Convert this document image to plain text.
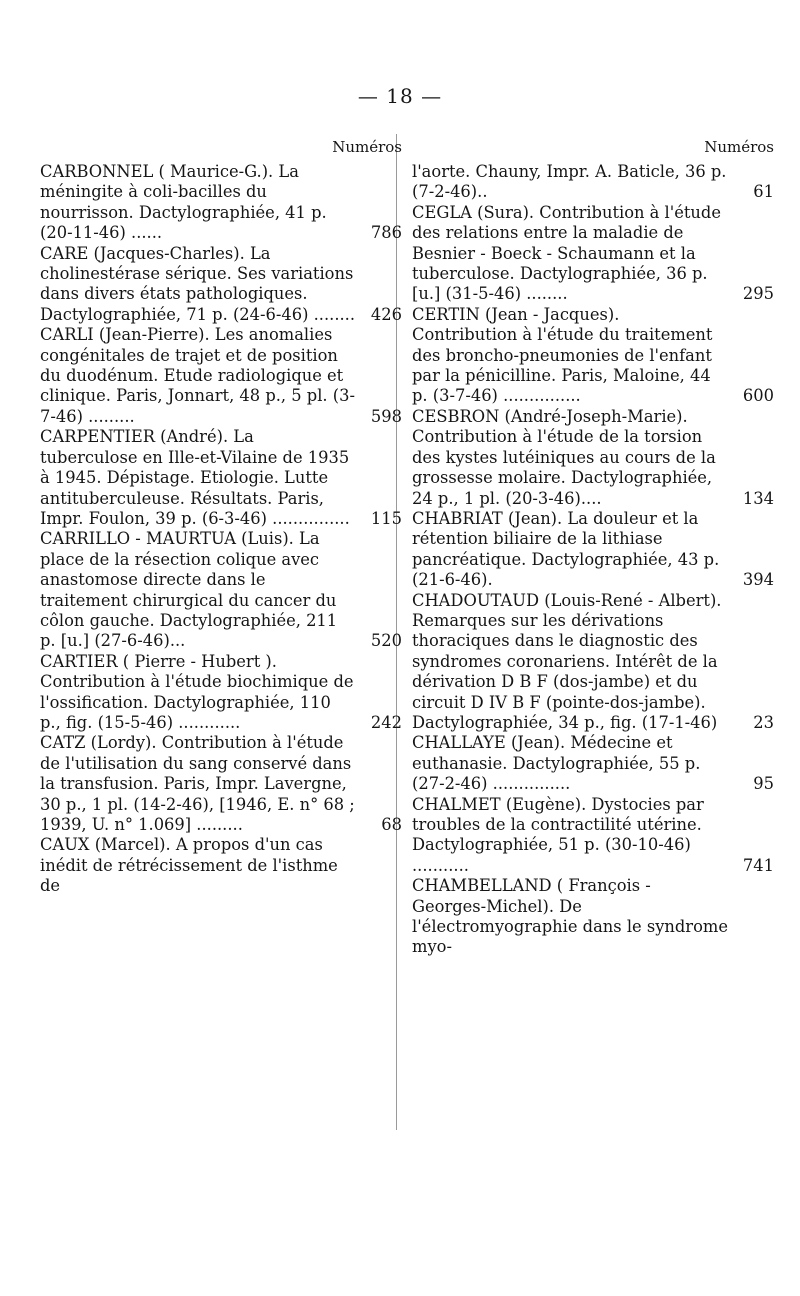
— 18 —
Numéros
CARBONNEL ( Maurice-G.). La méningite à coli-bacilles du nourrisson. Dactylographiée, 41 p. (20-11-46) ......	786
CARE (Jacques-Charles). La cholinestérase sérique. Ses variations dans divers états pathologiques. Dactylographiée, 71 p. (24-6-46) ........ 426
CARLI (Jean-Pierre). Les anomalies congénitales de trajet et de position du duodénum. Etude radiologique et clinique. Paris, Jonnart, 48 p., 5 pl. (3-7-46) .........	598
CARPENTIER (André). La tuberculose en Ille-et-Vilaine de 1935 à 1945. Dépistage. Etiologie. Lutte antituberculeuse. Résultats. Paris, Impr. Foulon, 39 p. (6-3-46) ...............	115
CARRILLO - MAURTUA (Luis). La place de la résection colique avec anastomose directe dans le traitement chirurgical du cancer du côlon gauche. Dactylographiée, 211 p. [u.] (27-6-46)...	520
CARTIER ( Pierre - Hubert ). Contribution à l'étude biochimique de l'ossification. Dactylographiée, 110 p., fig. (15-5-46) ............	242
CATZ (Lordy). Contribution à l'étude de l'utilisation du sang conservé dans la transfusion. Paris, Impr. Lavergne, 30 p., 1 pl. (14-2-46), [1946, E. n° 68 ; 1939, U. n° 1.069] .........	68
CAUX (Marcel). A propos d'un cas inédit de rétrécissement de l'isthme de
Numéros
l'aorte. Chauny, Impr. A. Baticle, 36 p. (7-2-46)..	61
CEGLA (Sura). Contribution à l'étude des relations entre la maladie de Besnier - Boeck - Schaumann et la tuberculose. Dactylographiée, 36 p. [u.] (31-5-46) ........	295
CERTIN (Jean - Jacques). Contribution à l'étude du traitement des broncho-pneumonies de l'enfant par la pénicilline. Paris, Maloine, 44 p. (3-7-46) ...............	600
CESBRON (André-Joseph-Marie). Contribution à l'étude de la torsion des kystes lutéiniques au cours de la grossesse molaire. Dactylographiée, 24 p., 1 pl. (20-3-46)....	134
CHABRIAT (Jean). La douleur et la rétention biliaire de la lithiase pancréatique. Dactylographiée, 43 p. (21-6-46).	394
CHADOUTAUD (Louis-René - Albert). Remarques sur les dérivations thoraciques dans le diagnostic des syndromes coronariens. Intérêt de la dérivation D B F (dos-jambe) et du circuit D IV B F (pointe-dos-jambe). Dactylographiée, 34 p., fig. (17-1-46)	23
CHALLAYE (Jean). Médecine et euthanasie. Dactylographiée, 55 p. (27-2-46) ...............	95
CHALMET (Eugène). Dystocies par troubles de la contractilité utérine. Dactylographiée, 51 p. (30-10-46) ...........	741
CHAMBELLAND ( François - Georges-Michel). De l'électromyographie dans le syndrome myo-
